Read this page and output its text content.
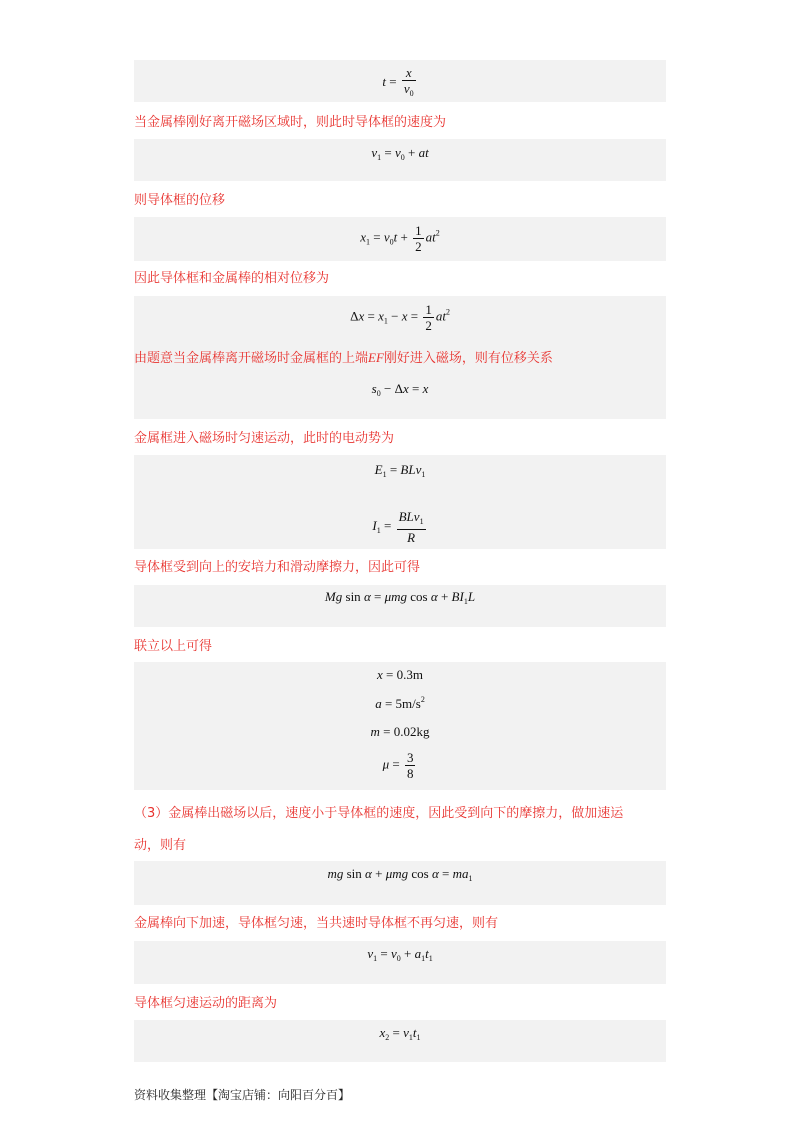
$t = \frac{x}{v_0}$
当金属棒刚好离开磁场区域时，则此时导体框的速度为
$v_1 = v_0$ + at
则导体框的位移
$x_1 = v_0t + \frac{1}{2} at^2$
因此导体框和金属棒的相对位移为
$\Delta x = x_1 - x = \frac{1}{2} at^2$
$s_0 - \Delta x = x$
由题意当金属棒离开磁场时金属框的上端EF刚好进入磁场，则有位移关系
金属框进入磁场时匀速运动，此时的电动势为
$E_1 = BLv_1$
$I_1 = \frac{BLv_1}{R}$
导体框受到向上的安培力和滑动摩擦力，因此可得
Mg sin α = μmg $\cos \alpha + BI_1L$
联立以上可得
x = 0.3m
$a = 5m/s^2$
m = 0.02kg
$\mu = \frac{3}{8}$
（3）金属棒出磁场以后，速度小于导体框的速度，因此受到向下的摩擦力，做加速运
动，则有
mg sin α + μmg $\cos \alpha = ma_1$
金属棒向下加速，导体框匀速，当共速时导体框不再匀速，则有
$v_1 = v_0 + a_1t_1$
导体框匀速运动的距离为
$x_2 = v_1t_1$
资料收集整理【淘宝店铺：向阳百分百】
